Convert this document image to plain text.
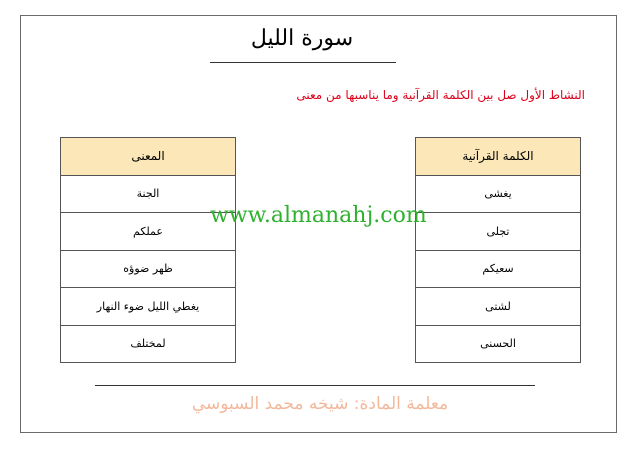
سورة الليل
النشاط الأول صل بين الكلمة القرآنية وما يناسبها من معنى
المعنى
الجنة
عملكم
ظهر ضوؤه
يغطي الليل ضوء النهار
لمختلف
الكلمة القرآنية
يغشى
تجلى
سعيكم
لشتى
الحسنى
www.almanahj.com
معلمة المادة: شيخه محمد السبوسي
